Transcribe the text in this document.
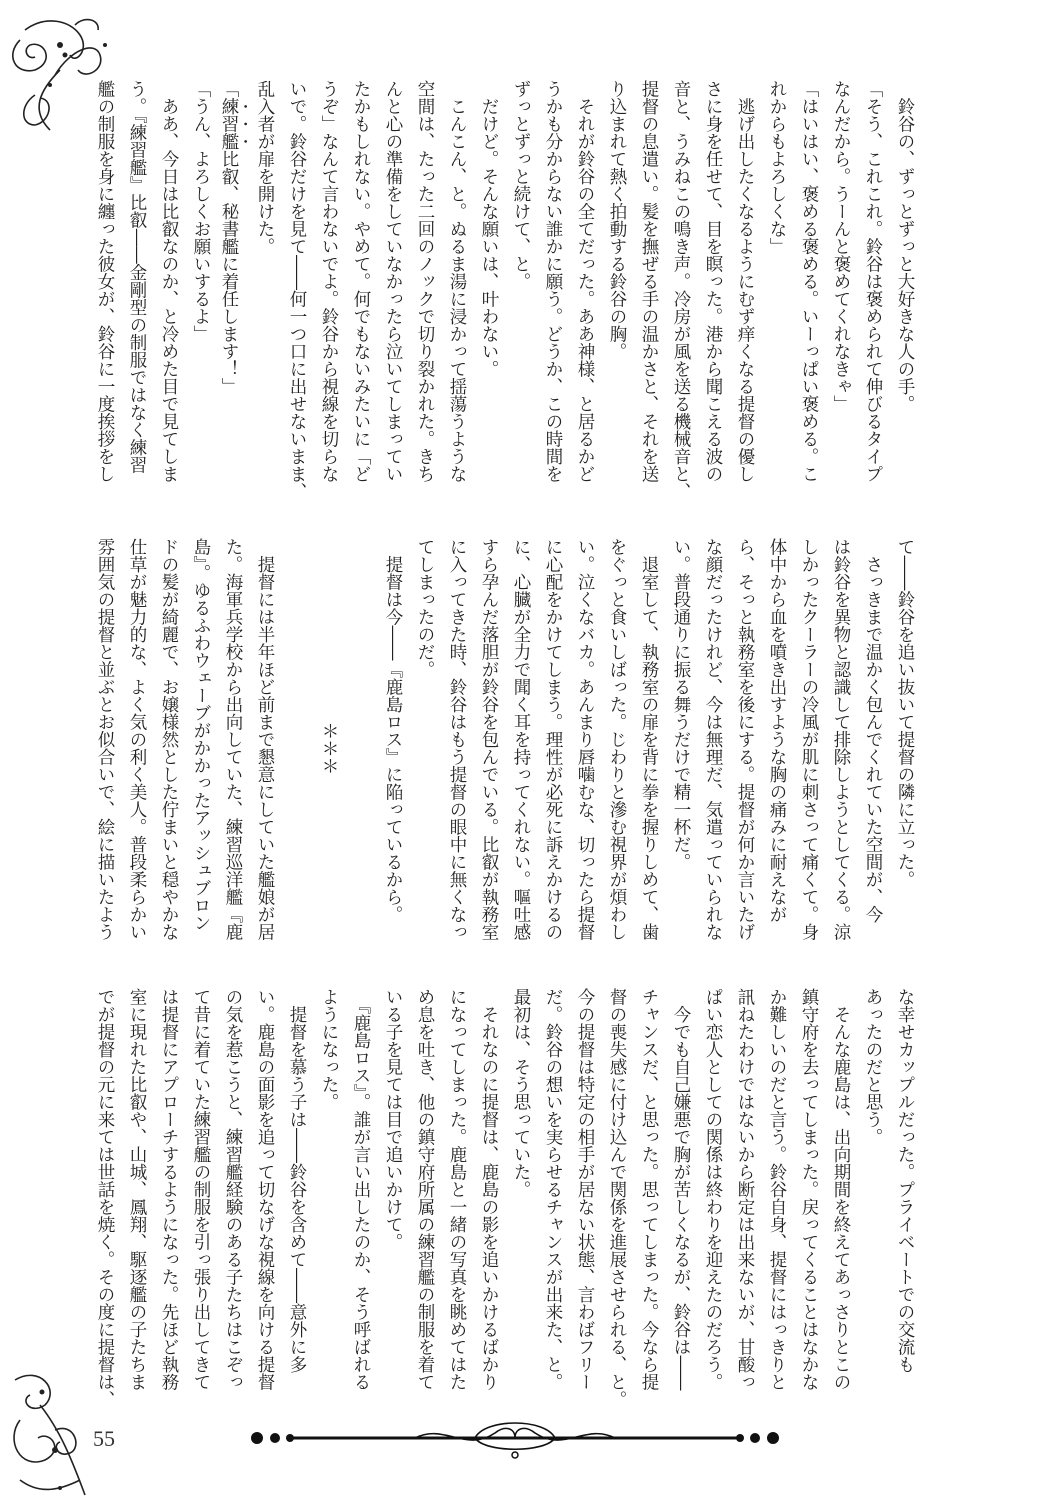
55
　鈴谷の、ずっとずっと大好きな人の手。
「そう、これこれ。鈴谷は褒められて伸びるタイプ
なんだから。うーんと褒めてくれなきゃ」
「はいはい、褒める褒める。いーっぱい褒める。こ
れからもよろしくな」
　逃げ出したくなるようにむず痒くなる提督の優し
さに身を任せて、目を瞑った。港から聞こえる波の
音と、うみねこの鳴き声。冷房が風を送る機械音と、
提督の息遣い。髪を撫ぜる手の温かさと、それを送
り込まれて熱く拍動する鈴谷の胸。
　それが鈴谷の全てだった。ああ神様、と居るかど
うかも分からない誰かに願う。どうか、この時間を
ずっとずっと続けて、と。
　だけど。そんな願いは、叶わない。
　こんこん、と。ぬるま湯に浸かって揺蕩うような
空間は、たった二回のノックで切り裂かれた。きち
んと心の準備をしていなかったら泣いてしまってい
たかもしれない。やめて。何でもないみたいに「ど
うぞ」なんて言わないでよ。鈴谷から視線を切らな
いで。鈴谷だけを見て――何一つ口に出せないまま、
乱入者が扉を開けた。
「練習艦比叡、秘書艦に着任します！」
「うん、よろしくお願いするよ」
　ああ、今日は比叡なのか、と冷めた目で見てしま
う。『練習艦』比叡――金剛型の制服ではなく練習
艦の制服を身に纏った彼女が、鈴谷に一度挨拶をし
て――鈴谷を追い抜いて提督の隣に立った。
　さっきまで温かく包んでくれていた空間が、今
は鈴谷を異物と認識して排除しようとしてくる。涼
しかったクーラーの冷風が肌に刺さって痛くて。身
体中から血を噴き出すような胸の痛みに耐えなが
ら、そっと執務室を後にする。提督が何か言いたげ
な顔だったけれど、今は無理だ、気遣っていられな
い。普段通りに振る舞うだけで精一杯だ。
　退室して、執務室の扉を背に拳を握りしめて、歯
をぐっと食いしばった。じわりと滲む視界が煩わし
い。泣くなバカ。あんまり唇噛むな、切ったら提督
に心配をかけてしまう。理性が必死に訴えかけるの
に、心臓が全力で聞く耳を持ってくれない。嘔吐感
すら孕んだ落胆が鈴谷を包んでいる。比叡が執務室
に入ってきた時、鈴谷はもう提督の眼中に無くなっ
てしまったのだ。
　提督は今――『鹿島ロス』に陥っているから。
＊＊＊
　提督には半年ほど前まで懇意にしていた艦娘が居
た。海軍兵学校から出向していた、練習巡洋艦『鹿
島』。ゆるふわウェーブがかかったアッシュブロン
ドの髪が綺麗で、お嬢様然とした佇まいと穏やかな
仕草が魅力的な、よく気の利く美人。普段柔らかい
雰囲気の提督と並ぶとお似合いで、絵に描いたよう
な幸せカップルだった。プライベートでの交流も
あったのだと思う。
　そんな鹿島は、出向期間を終えてあっさりとこの
鎮守府を去ってしまった。戻ってくることはなかな
か難しいのだと言う。鈴谷自身、提督にはっきりと
訊ねたわけではないから断定は出来ないが、甘酸っ
ぱい恋人としての関係は終わりを迎えたのだろう。
　今でも自己嫌悪で胸が苦しくなるが、鈴谷は――
チャンスだ、と思った。思ってしまった。今なら提
督の喪失感に付け込んで関係を進展させられる、と。
今の提督は特定の相手が居ない状態、言わばフリー
だ。鈴谷の想いを実らせるチャンスが出来た、と。
最初は、そう思っていた。
　それなのに提督は、鹿島の影を追いかけるばかり
になってしまった。鹿島と一緒の写真を眺めてはた
め息を吐き、他の鎮守府所属の練習艦の制服を着て
いる子を見ては目で追いかけて。
　『鹿島ロス』。誰が言い出したのか、そう呼ばれる
ようになった。
　提督を慕う子は――鈴谷を含めて――意外に多
い。鹿島の面影を追って切なげな視線を向ける提督
の気を惹こうと、練習艦経験のある子たちはこぞっ
て昔に着ていた練習艦の制服を引っ張り出してきて
は提督にアプローチするようになった。先ほど執務
室に現れた比叡や、山城、鳳翔、駆逐艦の子たちま
でが提督の元に来ては世話を焼く。その度に提督は、
